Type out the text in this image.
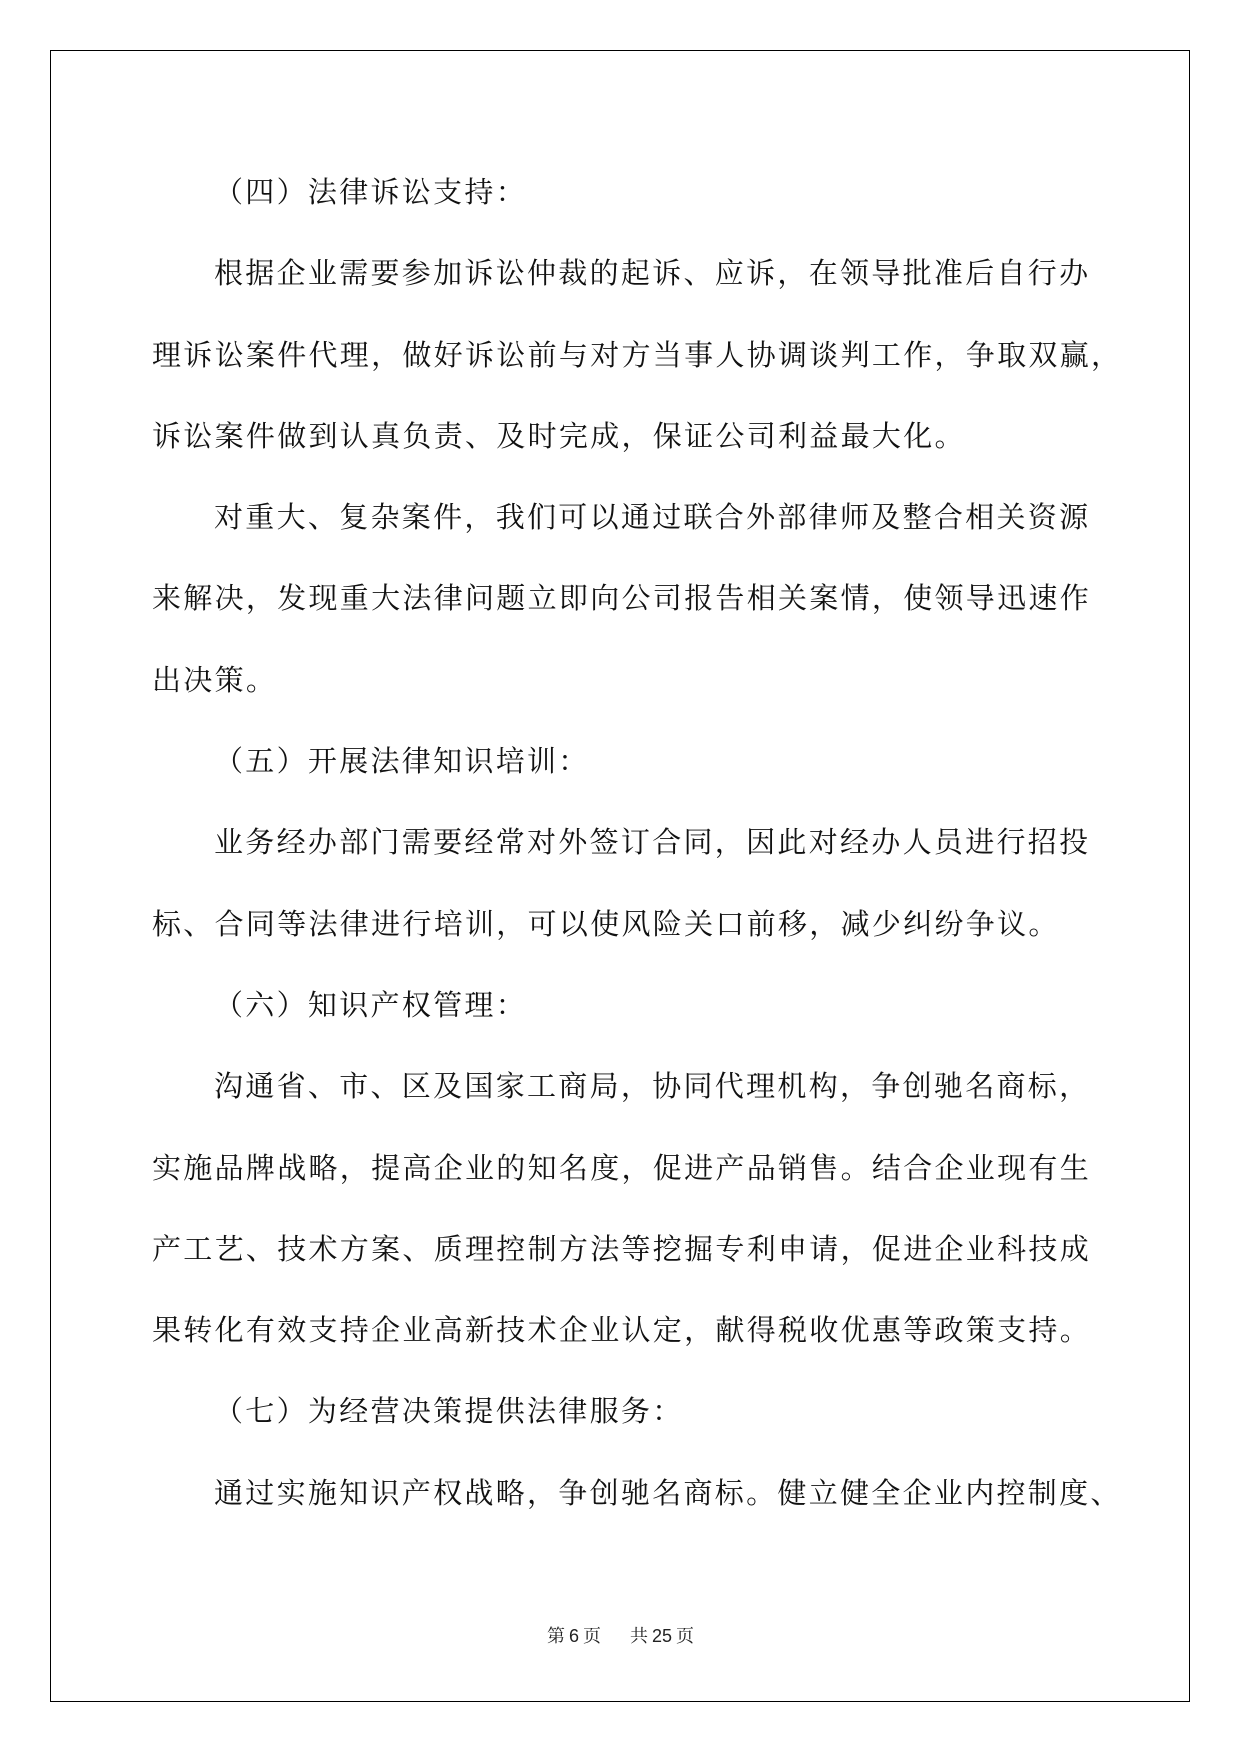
（四）法律诉讼支持：
根据企业需要参加诉讼仲裁的起诉、应诉，在领导批准后自行办
理诉讼案件代理，做好诉讼前与对方当事人协调谈判工作，争取双赢，
诉讼案件做到认真负责、及时完成，保证公司利益最大化。
对重大、复杂案件，我们可以通过联合外部律师及整合相关资源
来解决，发现重大法律问题立即向公司报告相关案情，使领导迅速作
出决策。
（五）开展法律知识培训：
业务经办部门需要经常对外签订合同，因此对经办人员进行招投
标、合同等法律进行培训，可以使风险关口前移，减少纠纷争议。
（六）知识产权管理：
沟通省、市、区及国家工商局，协同代理机构，争创驰名商标，
实施品牌战略，提高企业的知名度，促进产品销售。结合企业现有生
产工艺、技术方案、质理控制方法等挖掘专利申请，促进企业科技成
果转化有效支持企业高新技术企业认定，献得税收优惠等政策支持。
（七）为经营决策提供法律服务：
通过实施知识产权战略，争创驰名商标。健立健全企业内控制度、
第 6 页 共 25 页
